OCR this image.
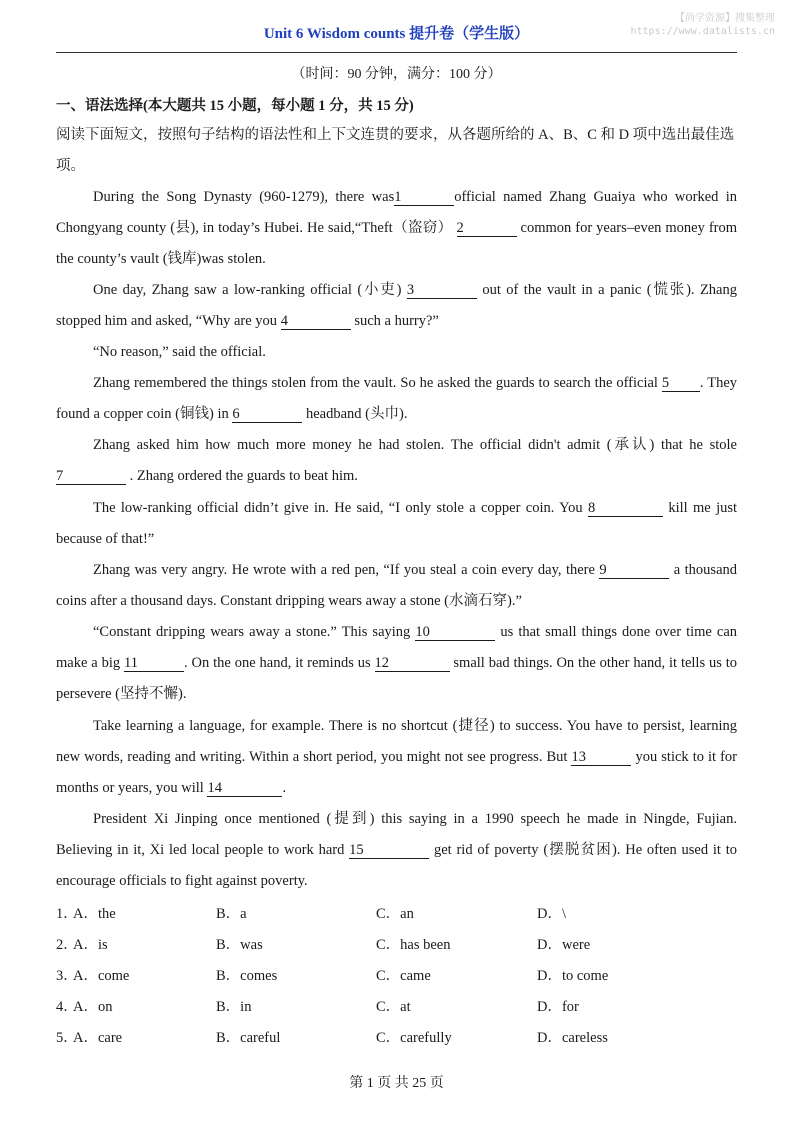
Unit 6 Wisdom counts 提升卷（学生版）
【尚学资源】搜集整理
https://www.datalists.cn
（时间：90 分钟，满分：100 分）
一、语法选择(本大题共 15 小题，每小题 1 分，共 15 分)
阅读下面短文，按照句子结构的语法性和上下文连贯的要求，从各题所给的 A、B、C 和 D 项中选出最佳选项。
During the Song Dynasty (960-1279), there was1	official named Zhang Guaiya who worked in Chongyang county (县), in today’s Hubei. He said,“Theft（盗窃） 2	common for years–even money from the county’s vault (钱库)was stolen.
One day, Zhang saw a low-ranking official (小吏) 3	out of the vault in a panic (慌张). Zhang stopped him and asked, “Why are you 4	such a hurry?”
“No reason,” said the official.
Zhang remembered the things stolen from the vault. So he asked the guards to search the official 5 . They found a copper coin (铜钱) in 6	headband (头巾).
Zhang asked him how much more money he had stolen. The official didn't admit (承认) that he stole 7	. Zhang ordered the guards to beat him.
The low-ranking official didn’t give in. He said, “I only stole a copper coin. You 8	kill me just because of that!”
Zhang was very angry. He wrote with a red pen, “If you steal a coin every day, there 9	a thousand coins after a thousand days. Constant dripping wears away a stone (水滴石穿).”
“Constant dripping wears away a stone.” This saying 10	us that small things done over time can make a big 11	. On the one hand, it reminds us 12	small bad things. On the other hand, it tells us to persevere (坚持不懈).
Take learning a language, for example. There is no shortcut (捷径) to success. You have to persist, learning new words, reading and writing. Within a short period, you might not see progress. But 13	you stick to it for months or years, you will 14	.
President Xi Jinping once mentioned (提到) this saying in a 1990 speech he made in Ningde, Fujian. Believing in it, Xi led local people to work hard 15	get rid of poverty (摆脱贫困). He often used it to encourage officials to fight against poverty.
1．
A．the	B．a	C．an	D．\
2．
A．is	B．was	C．has been	D．were
3．
A．come	B．comes	C．came	D．to come
4．
A．on	B．in	C．at	D．for
5．
A．care	B．careful	C．carefully	D．careless
第 1 页 共 25 页
